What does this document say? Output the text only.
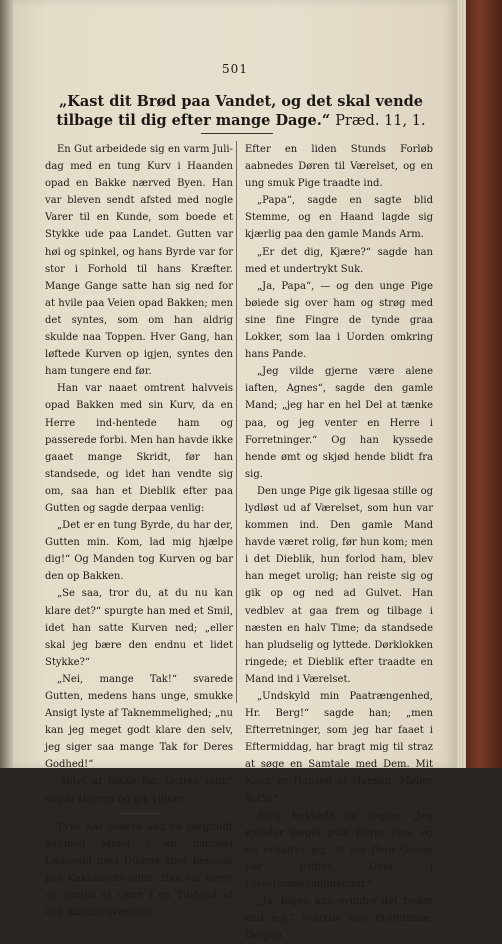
501
„Kast dit Brød paa Vandet, og det skal vende tilbage til dig efter mange Dage.“ Præd. 11, 1.

En Gut arbeidede sig en varm Juli-dag med en tung Kurv i Haanden opad en Bakke nærved Byen. Han var bleven sendt afsted med nogle Varer til en Kunde, som boede et Stykke ude paa Landet. Gutten var høi og spinkel, og hans Byrde var for stor i Forhold til hans Kræfter. Mange Gange satte han sig ned for at hvile paa Veien opad Bakken; men det syntes, som om han aldrig skulde naa Toppen. Hver Gang, han løftede Kurven op igjen, syntes den ham tungere end før.

Han var naaet omtrent halvveis opad Bakken med sin Kurv, da en Herre ind-hentede ham og passerede forbi. Men han havde ikke gaaet mange Skridt, før han standsede, og idet han vendte sig om, saa han et Dieblik efter paa Gutten og sagde derpaa venlig:

„Det er en tung Byrde, du har der, Gutten min. Kom, lad mig hjælpe dig!“ Og Manden tog Kurven og bar den op Bakken.

„Se saa, tror du, at du nu kan klare det?“ spurgte han med et Smil, idet han satte Kurven ned; „eller skal jeg bære den endnu et lidet Stykke?“

„Nei, mange Tak!“ svarede Gutten, medens hans unge, smukke Ansigt lyste af Taknemmelighed; „nu kan jeg meget godt klare den selv, jeg siger saa mange Tak for Deres Godhed!“

„Intet at takke for, Gutten min,“ sagde Herren og gik videre.

Tyve Aar senere sad en sorgfuldt gammel Mand i en gammel Lænestol med Dinene stivt fæstede paa Kakkelovns-ilden. Han var alene og syntes at være i en Tilstand af dyb Aandsfraværelse.

Efter en liden Stunds Forløb aabnedes Døren til Værelset, og en ung smuk Pige traadte ind.

„Papa“, sagde en sagte blid Stemme, og en Haand lagde sig kjærlig paa den gamle Mands Arm.

„Er det dig, Kjære?“ sagde han med et undertrykt Suk.

„Ja, Papa“, — og den unge Pige bøiede sig over ham og strøg med sine fine Fingre de tynde graa Lokker, som laa i Uorden omkring hans Pande.

„Jeg vilde gjerne være alene iaften, Agnes“, sagde den gamle Mand; „jeg har en hel Del at tænke paa, og jeg venter en Herre i Forretninger.“ Og han kyssede hende ømt og skjød hende blidt fra sig.

Den unge Pige gik ligesaa stille og lydløst ud af Værelset, som hun var kommen ind. Den gamle Mand havde været rolig, før hun kom; men i det Dieblik, hun forlod ham, blev han meget urolig; han reiste sig og gik op og ned ad Gulvet. Han vedblev at gaa frem og tilbage i næsten en halv Time; da standsede han pludselig og lyttede. Dørklokken ringede; et Dieblik efter traadte en Mand ind i Værelset.

„Undskyld min Paatrængenhed, Hr. Berg!“ sagde han; „men Efterretninger, som jeg har faaet i Eftermiddag, har bragt mig til straz at søge en Samtale med Dem. Mit Navn er Hansen af Hansen, Møller & Co.“

Berg bukkede og sagde: „Jeg kjender meget godt Deres Hus, og nu erindrer jeg, at jeg flere Gange har truffet Dem i Forretningsanliggender.“

„Ja, Ingen kan erindre det bedre end jeg,“ svarede den Fremmede. Derpaa
